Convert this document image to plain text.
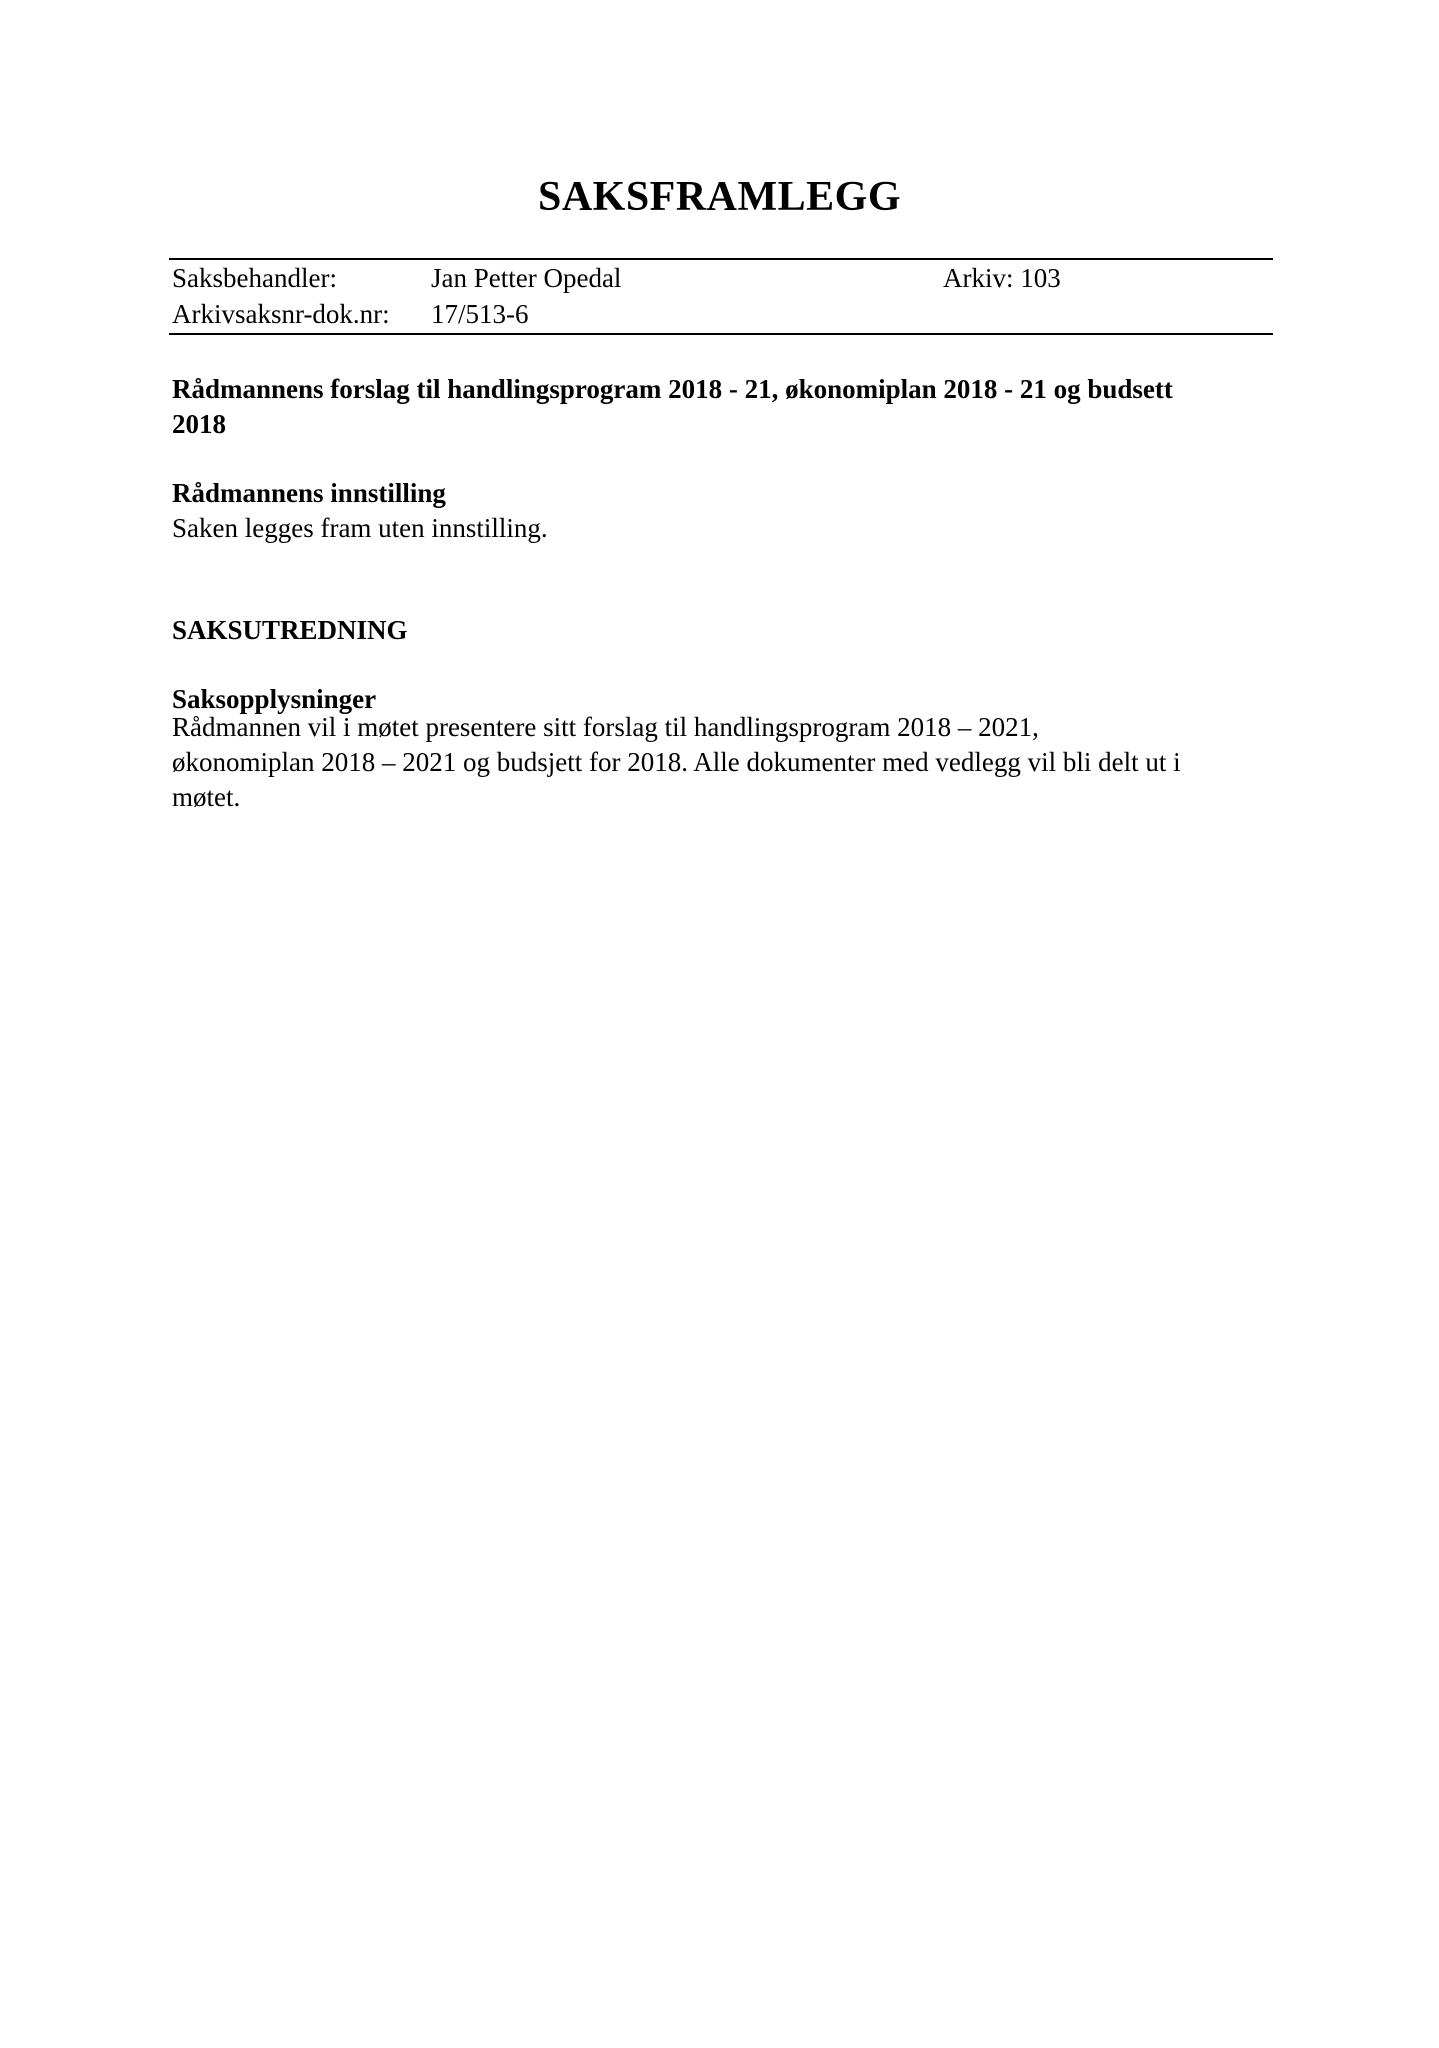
SAKSFRAMLEGG
Saksbehandler:	Jan Petter Opedal	Arkiv: 103
Arkivsaksnr-dok.nr: 17/513-6
Rådmannens forslag til handlingsprogram 2018 - 21, økonomiplan 2018 - 21 og budsett
2018
Rådmannens innstilling
Saken legges fram uten innstilling.
SAKSUTREDNING
Saksopplysninger
Rådmannen vil i møtet presentere sitt forslag til handlingsprogram 2018 – 2021,
økonomiplan 2018 – 2021 og budsjett for 2018. Alle dokumenter med vedlegg vil bli delt ut i
møtet.
